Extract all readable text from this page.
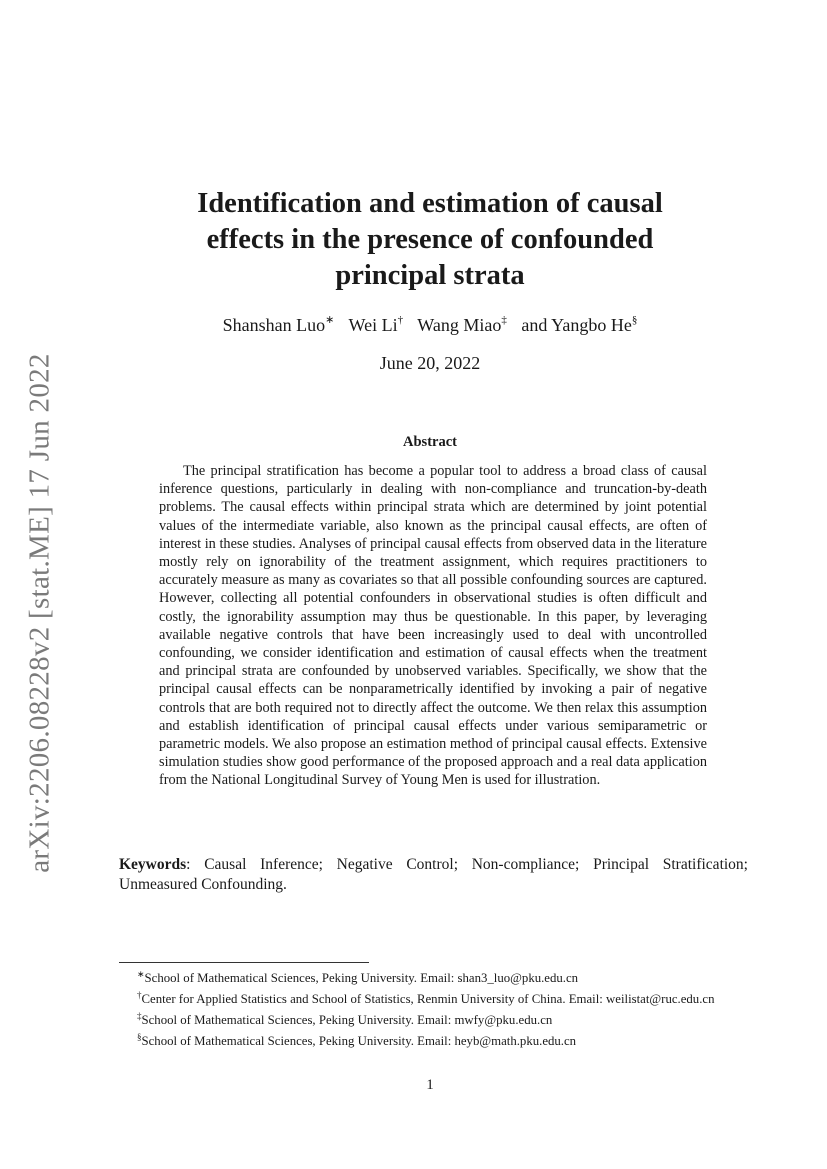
arXiv:2206.08228v2 [stat.ME] 17 Jun 2022
Identification and estimation of causal
effects in the presence of confounded
principal strata
Shanshan Luo∗ Wei Li† Wang Miao‡ and Yangbo He§
June 20, 2022
Abstract

The principal stratification has become a popular tool to address a broad class of causal inference questions, particularly in dealing with non-compliance and truncation-by-death problems. The causal effects within principal strata which are determined by joint potential values of the intermediate variable, also known as the principal causal effects, are often of interest in these studies. Analyses of principal causal effects from observed data in the literature mostly rely on ignorability of the treatment assignment, which requires practitioners to accurately measure as many as covariates so that all possible confounding sources are captured. However, collecting all potential confounders in observational studies is often difficult and costly, the ignorability assumption may thus be questionable. In this paper, by leveraging available negative controls that have been increasingly used to deal with uncontrolled confounding, we consider identification and estimation of causal effects when the treatment and principal strata are confounded by unobserved variables. Specifically, we show that the principal causal effects can be nonparametrically identified by invoking a pair of negative controls that are both required not to directly affect the outcome. We then relax this assumption and establish identification of principal causal effects under various semiparametric or parametric models. We also propose an estimation method of principal causal effects. Extensive simulation studies show good performance of the proposed approach and a real data application from the National Longitudinal Survey of Young Men is used for illustration.

Keywords: Causal Inference; Negative Control; Non-compliance; Principal Stratification; Unmeasured Confounding.

∗School of Mathematical Sciences, Peking University. Email: shan3_luo@pku.edu.cn

†Center for Applied Statistics and School of Statistics, Renmin University of China. Email: weilistat@ruc.edu.cn

‡School of Mathematical Sciences, Peking University. Email: mwfy@pku.edu.cn

§School of Mathematical Sciences, Peking University. Email: heyb@math.pku.edu.cn

1
